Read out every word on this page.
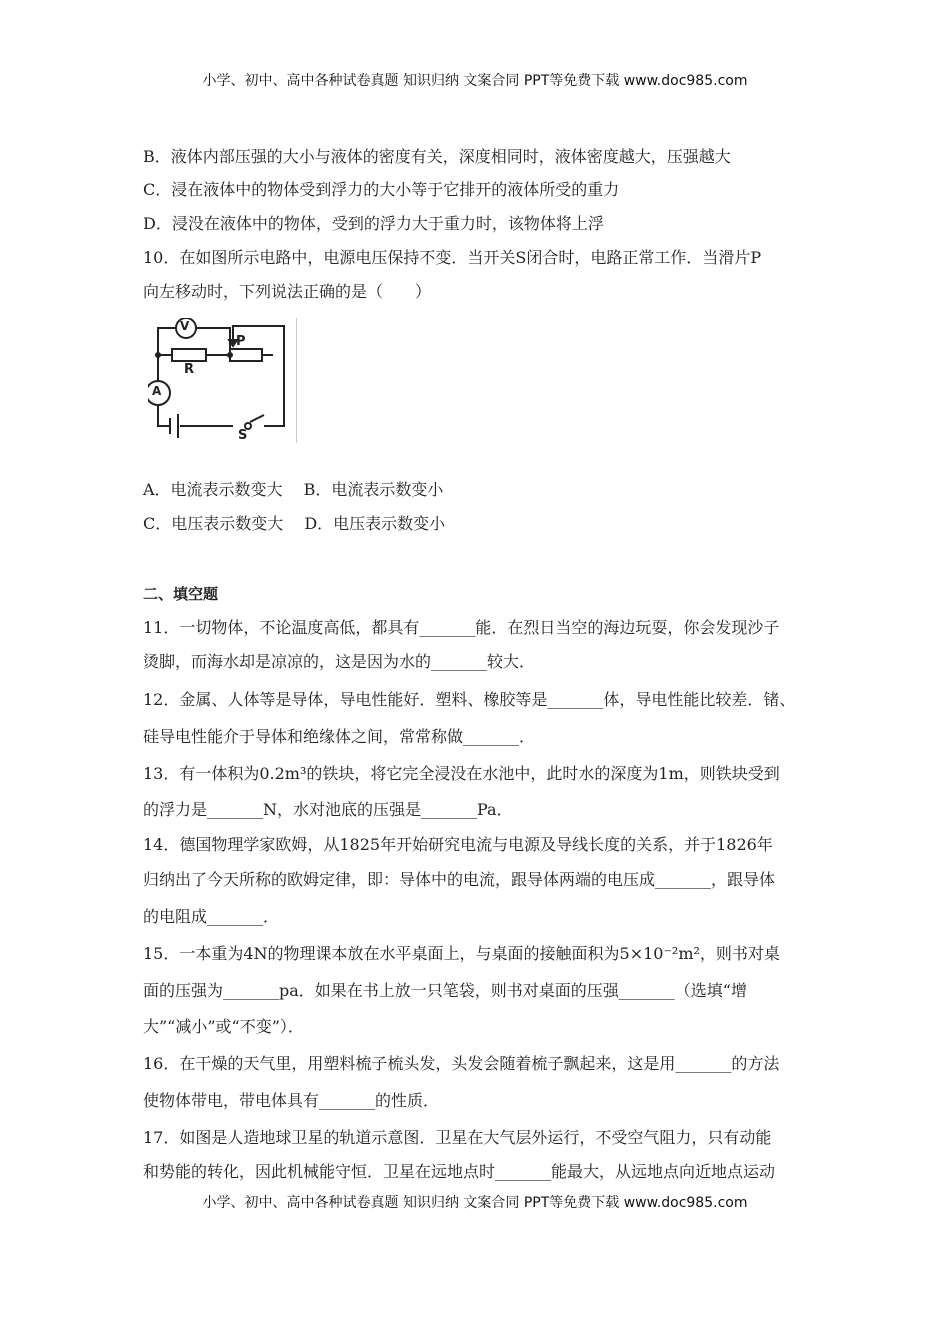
小学、初中、高中各种试卷真题 知识归纳 文案合同 PPT等免费下载 www.doc985.com
B．液体内部压强的大小与液体的密度有关，深度相同时，液体密度越大，压强越大
C．浸在液体中的物体受到浮力的大小等于它排开的液体所受的重力
D．浸没在液体中的物体，受到的浮力大于重力时，该物体将上浮
10．在如图所示电路中，电源电压保持不变．当开关S闭合时，电路正常工作．当滑片P
向左移动时，下列说法正确的是（　　）
V
A
R
P
S
A．电流表示数变大　 B．电流表示数变小
C．电压表示数变大　 D．电压表示数变小
二、填空题
11．一切物体，不论温度高低，都具有_______能．在烈日当空的海边玩耍，你会发现沙子
烫脚，而海水却是凉凉的，这是因为水的_______较大．
12．金属、人体等是导体，导电性能好．塑料、橡胶等是_______体，导电性能比较差．锗、
硅导电性能介于导体和绝缘体之间，常常称做_______．
13．有一体积为0.2m³的铁块，将它完全浸没在水池中，此时水的深度为1m，则铁块受到
的浮力是_______N，水对池底的压强是_______Pa．
14．德国物理学家欧姆，从1825年开始研究电流与电源及导线长度的关系，并于1826年
归纳出了今天所称的欧姆定律，即：导体中的电流，跟导体两端的电压成_______，跟导体
的电阻成_______．
15．一本重为4N的物理课本放在水平桌面上，与桌面的接触面积为5×10⁻²m²，则书对桌
面的压强为_______pa．如果在书上放一只笔袋，则书对桌面的压强_______（选填“增
大”“减小”或“不变”）．
16．在干燥的天气里，用塑料梳子梳头发，头发会随着梳子飘起来，这是用_______的方法
使物体带电，带电体具有_______的性质．
17．如图是人造地球卫星的轨道示意图．卫星在大气层外运行，不受空气阻力，只有动能
和势能的转化，因此机械能守恒．卫星在远地点时_______能最大，从远地点向近地点运动
小学、初中、高中各种试卷真题 知识归纳 文案合同 PPT等免费下载 www.doc985.com
